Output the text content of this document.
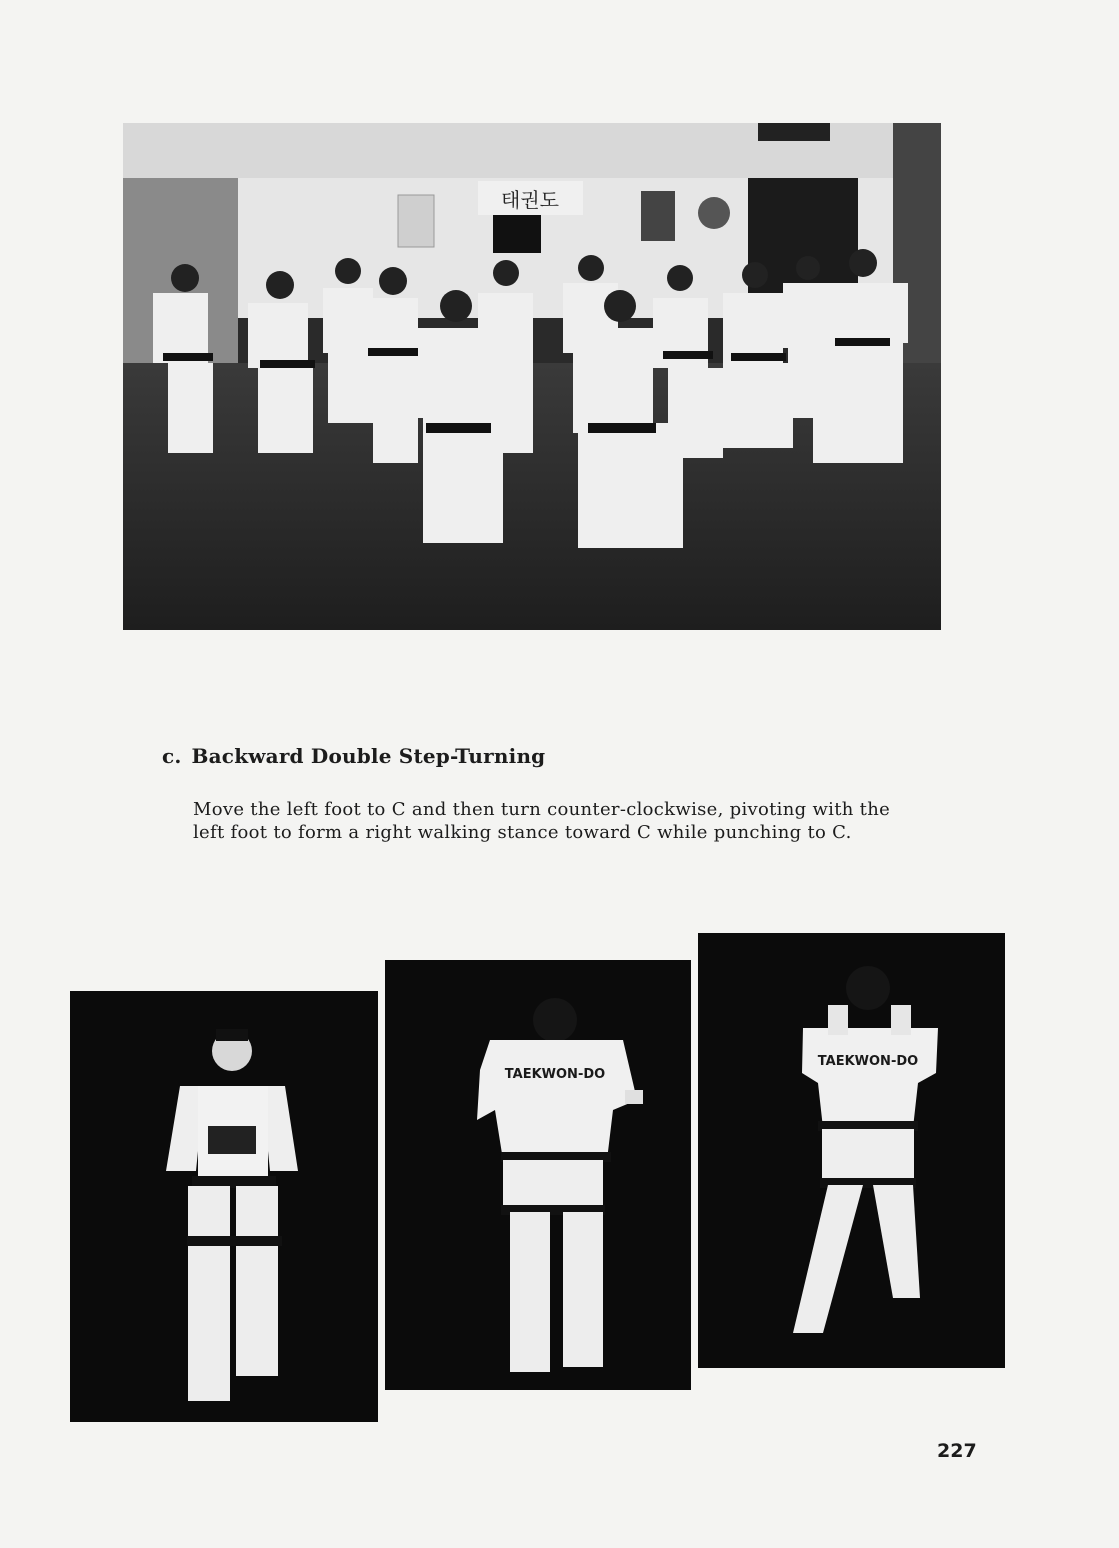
태권도
c. Backward Double Step-Turning
Move the left foot to C and then turn counter-clockwise, pivoting with the left foot to form a right walking stance toward C while punching to C.
TAEKWON-DO
TAEKWON-DO
227
